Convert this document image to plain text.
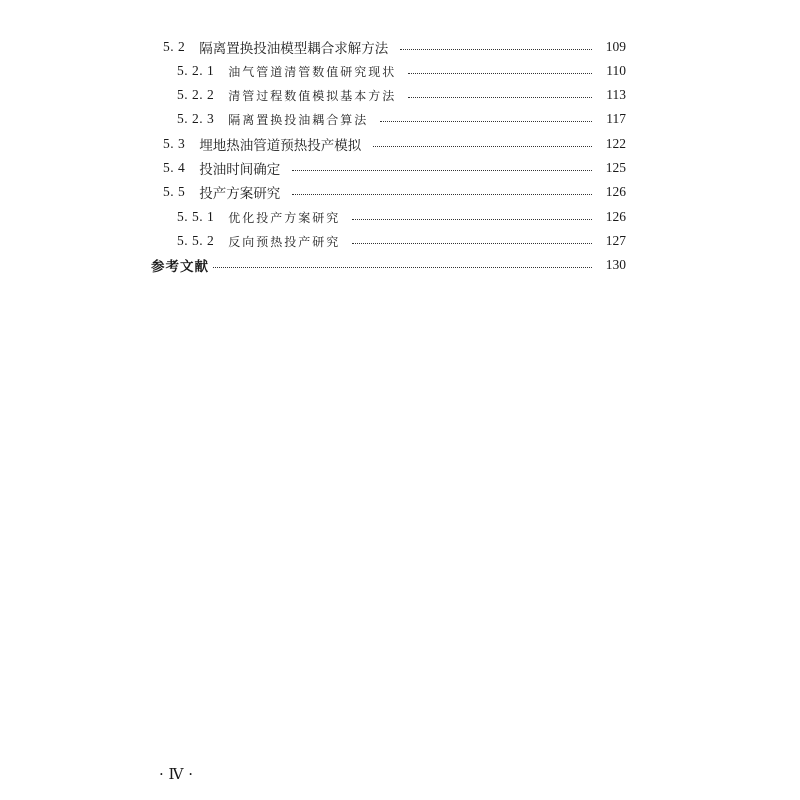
5. 2 隔离置换投油模型耦合求解方法	109
5. 2. 1 油气管道清管数值研究现状	110
5. 2. 2 清管过程数值模拟基本方法	113
5. 2. 3 隔离置换投油耦合算法	117
5. 3 埋地热油管道预热投产模拟	122
5. 4 投油时间确定	125
5. 5 投产方案研究	126
5. 5. 1 优化投产方案研究	126
5. 5. 2 反向预热投产研究	127
参考文献	130
· Ⅳ ·
